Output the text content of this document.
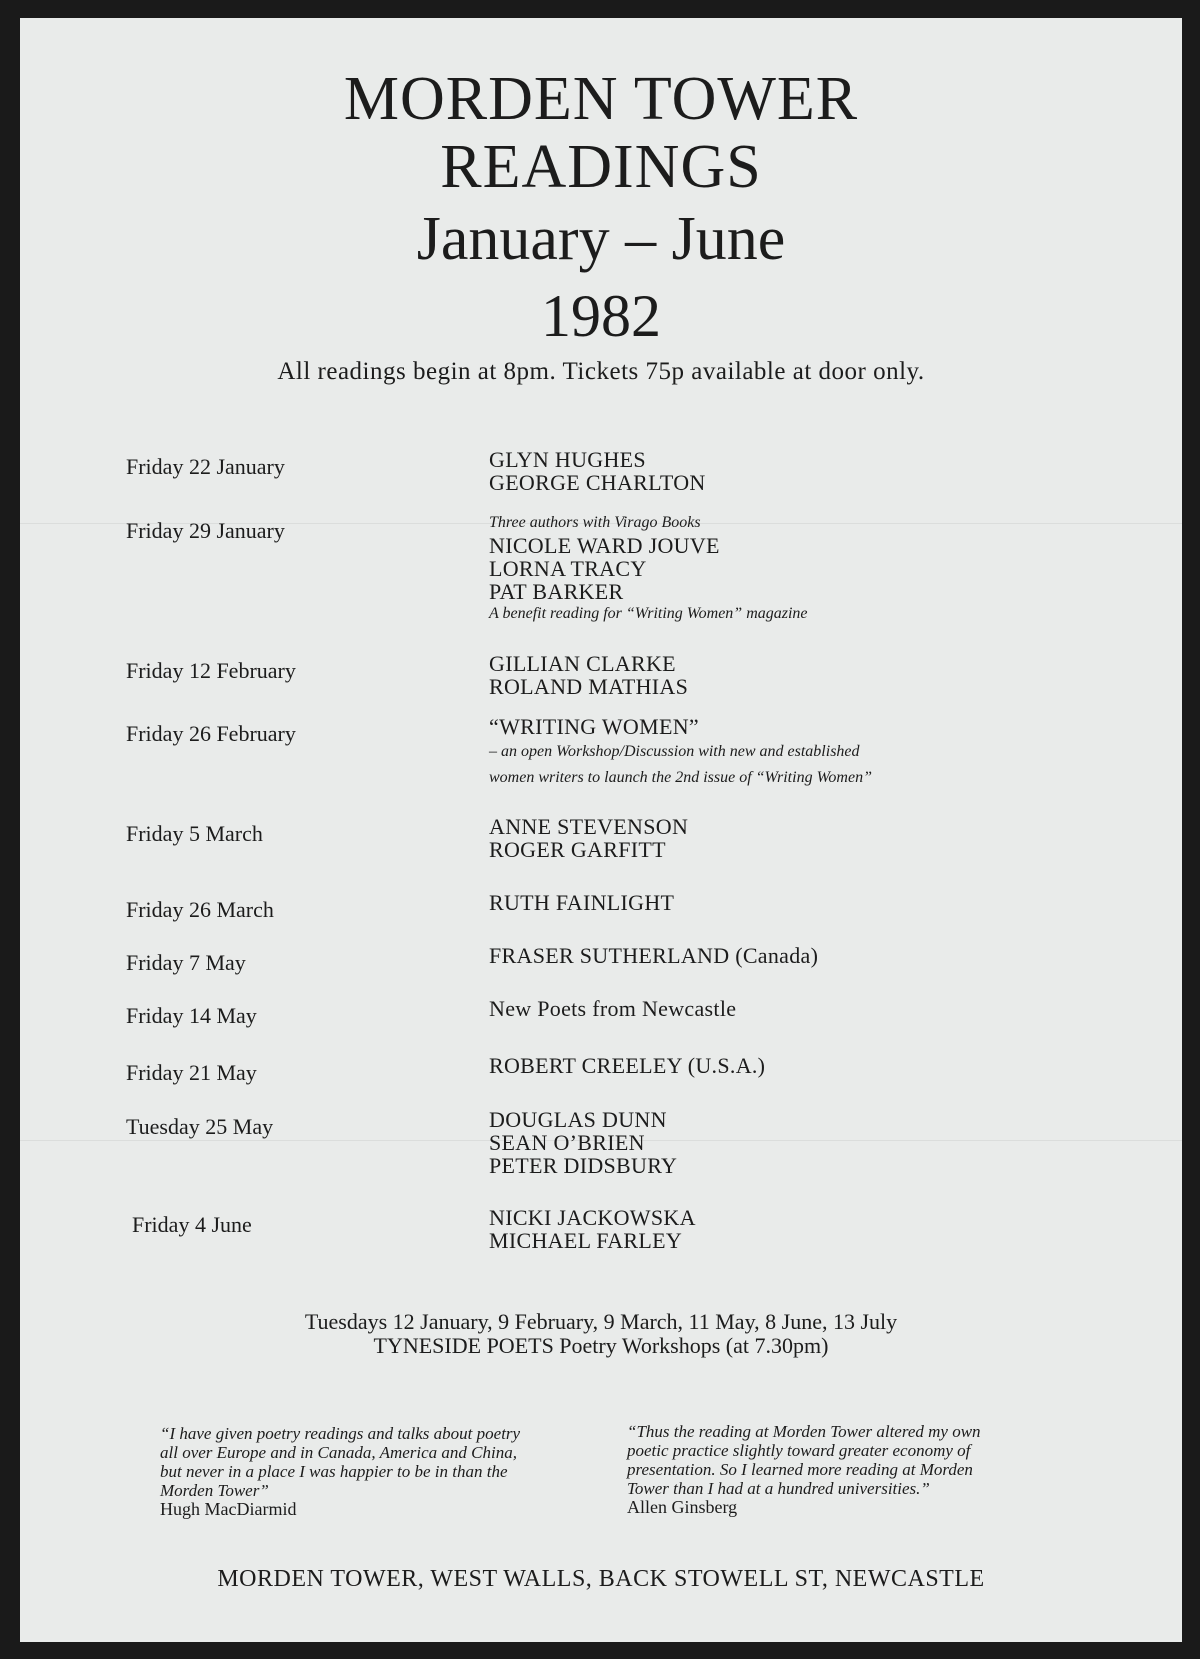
MORDEN TOWER
READINGS
January – June
1982
All readings begin at 8pm. Tickets 75p available at door only.
Friday 22 January	GLYN HUGHES
GEORGE CHARLTON
Friday 29 January	Three authors with Virago Books
NICOLE WARD JOUVE
LORNA TRACY
PAT BARKER
A benefit reading for “Writing Women” magazine
Friday 12 February	GILLIAN CLARKE
ROLAND MATHIAS
Friday 26 February	“WRITING WOMEN”
– an open Workshop/Discussion with new and established
women writers to launch the 2nd issue of “Writing Women”
Friday 5 March	ANNE STEVENSON
ROGER GARFITT
Friday 26 March	RUTH FAINLIGHT
Friday 7 May	FRASER SUTHERLAND (Canada)
Friday 14 May	New Poets from Newcastle
Friday 21 May	ROBERT CREELEY (U.S.A.)
Tuesday 25 May	DOUGLAS DUNN
SEAN O’BRIEN
PETER DIDSBURY
Friday 4 June	NICKI JACKOWSKA
MICHAEL FARLEY
Tuesdays 12 January, 9 February, 9 March, 11 May, 8 June, 13 July
TYNESIDE POETS Poetry Workshops (at 7.30pm)
“I have given poetry readings and talks about poetry
all over Europe and in Canada, America and China,
but never in a place I was happier to be in than the
Morden Tower”
Hugh MacDiarmid
“Thus the reading at Morden Tower altered my own
poetic practice slightly toward greater economy of
presentation. So I learned more reading at Morden
Tower than I had at a hundred universities.”
Allen Ginsberg
MORDEN TOWER, WEST WALLS, BACK STOWELL ST, NEWCASTLE
